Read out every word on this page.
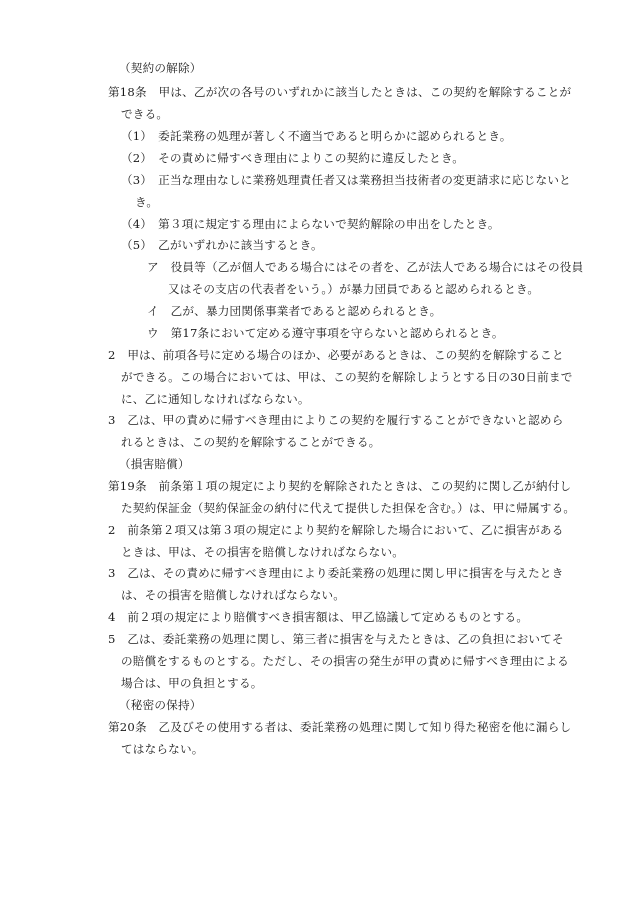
（契約の解除）
第18条　甲は、乙が次の各号のいずれかに該当したときは、この契約を解除することが
できる。
（1）　委託業務の処理が著しく不適当であると明らかに認められるとき。
（2）　その責めに帰すべき理由によりこの契約に違反したとき。
（3）　正当な理由なしに業務処理責任者又は業務担当技術者の変更請求に応じないと
き。
（4）　第３項に規定する理由によらないで契約解除の申出をしたとき。
（5）　乙がいずれかに該当するとき。
ア　役員等（乙が個人である場合にはその者を、乙が法人である場合にはその役員
又はその支店の代表者をいう。）が暴力団員であると認められるとき。
イ　乙が、暴力団関係事業者であると認められるとき。
ウ　第17条において定める遵守事項を守らないと認められるとき。
2　甲は、前項各号に定める場合のほか、必要があるときは、この契約を解除すること
ができる。この場合においては、甲は、この契約を解除しようとする日の30日前まで
に、乙に通知しなければならない。
3　乙は、甲の責めに帰すべき理由によりこの契約を履行することができないと認めら
れるときは、この契約を解除することができる。
（損害賠償）
第19条　前条第１項の規定により契約を解除されたときは、この契約に関し乙が納付し
た契約保証金（契約保証金の納付に代えて提供した担保を含む。）は、甲に帰属する。
2　前条第２項又は第３項の規定により契約を解除した場合において、乙に損害がある
ときは、甲は、その損害を賠償しなければならない。
3　乙は、その責めに帰すべき理由により委託業務の処理に関し甲に損害を与えたとき
は、その損害を賠償しなければならない。
4　前２項の規定により賠償すべき損害額は、甲乙協議して定めるものとする。
5　乙は、委託業務の処理に関し、第三者に損害を与えたときは、乙の負担においてそ
の賠償をするものとする。ただし、その損害の発生が甲の責めに帰すべき理由による
場合は、甲の負担とする。
（秘密の保持）
第20条　乙及びその使用する者は、委託業務の処理に関して知り得た秘密を他に漏らし
てはならない。
